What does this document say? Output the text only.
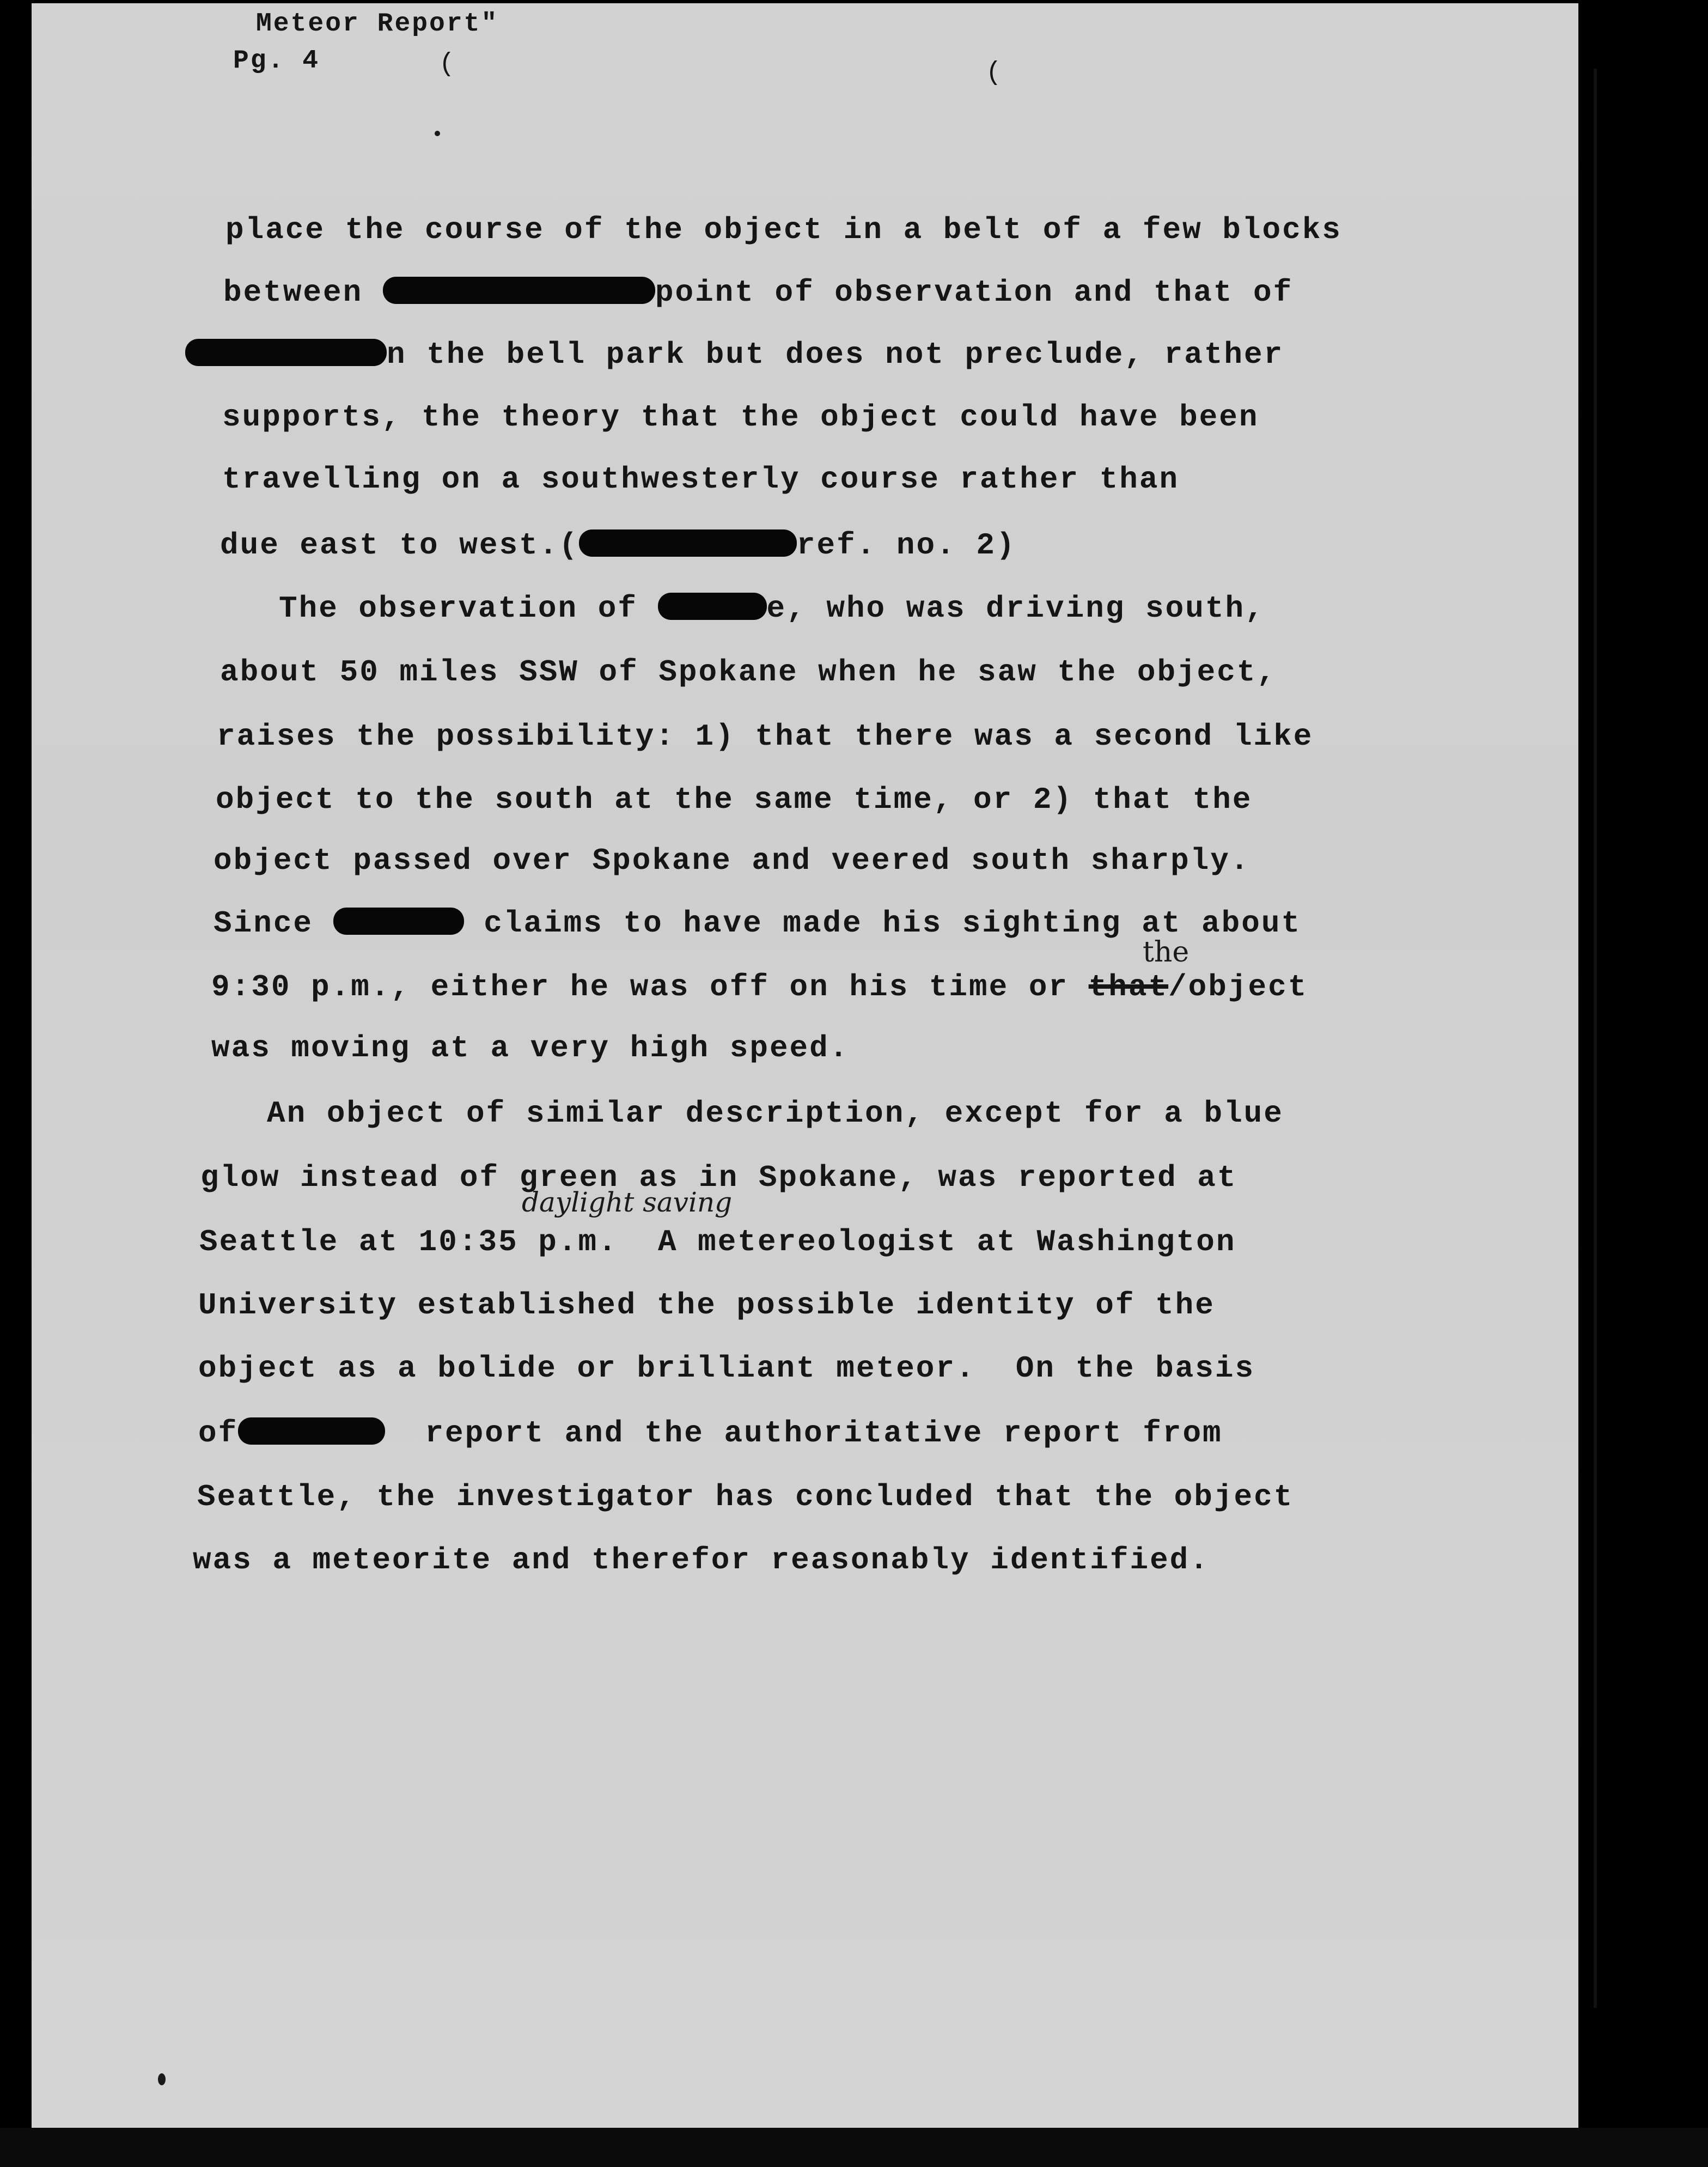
Meteor Report"
Pg. 4	(	(
place the course of the object in a belt of a few blocks
between	point of observation and that of
n the bell park but does not preclude, rather
supports, the theory that the object could have been
travelling on a southwesterly course rather than
due east to west.(	ref. no. 2)
The observation of	e, who was driving south,
about 50 miles SSW of Spokane when he saw the object,
raises the possibility: 1) that there was a second like
object to the south at the same time, or 2) that the
object passed over Spokane and veered south sharply.
Since	claims to have made his sighting at about
the
9:30 p.m., either he was off on his time or that/object
was moving at a very high speed.
An object of similar description, except for a blue
glow instead of green as in Spokane, was reported at
daylight saving
Seattle at 10:35 p.m. A metereologist at Washington
University established the possible identity of the
object as a bolide or brilliant meteor.  On the basis
of	report and the authoritative report from
Seattle, the investigator has concluded that the object
was a meteorite and therefor reasonably identified.
